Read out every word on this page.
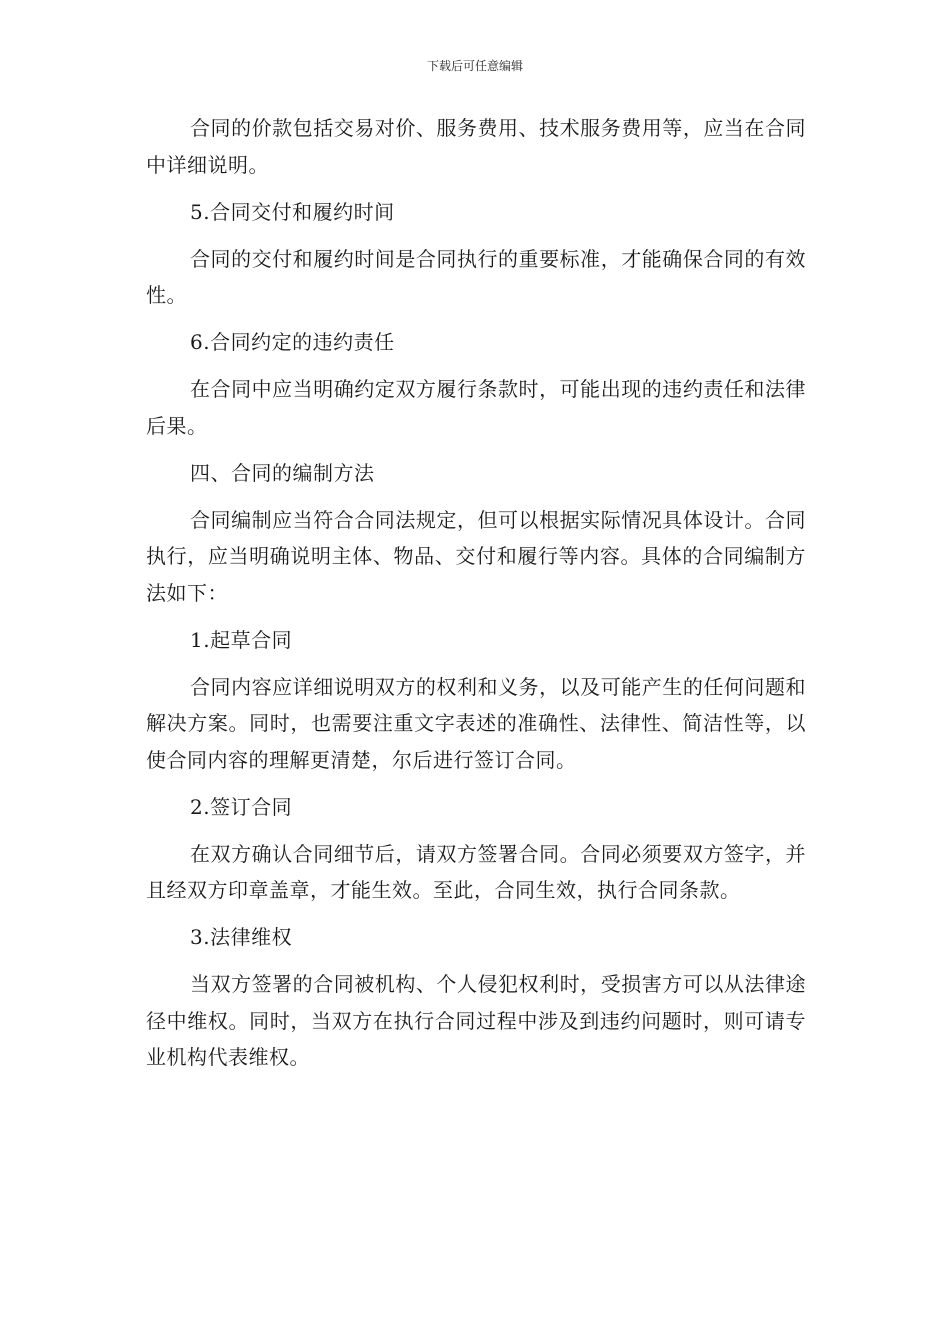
下载后可任意编辑

合同的价款包括交易对价、服务费用、技术服务费用等，应当在合同中详细说明。

5.合同交付和履约时间

合同的交付和履约时间是合同执行的重要标准，才能确保合同的有效性。

6.合同约定的违约责任

在合同中应当明确约定双方履行条款时，可能出现的违约责任和法律后果。

四、合同的编制方法

合同编制应当符合合同法规定，但可以根据实际情况具体设计。合同执行，应当明确说明主体、物品、交付和履行等内容。具体的合同编制方法如下：

1.起草合同

合同内容应详细说明双方的权利和义务，以及可能产生的任何问题和解决方案。同时，也需要注重文字表述的准确性、法律性、简洁性等，以使合同内容的理解更清楚，尔后进行签订合同。

2.签订合同

在双方确认合同细节后，请双方签署合同。合同必须要双方签字，并且经双方印章盖章，才能生效。至此，合同生效，执行合同条款。

3.法律维权

当双方签署的合同被机构、个人侵犯权利时，受损害方可以从法律途径中维权。同时，当双方在执行合同过程中涉及到违约问题时，则可请专业机构代表维权。
